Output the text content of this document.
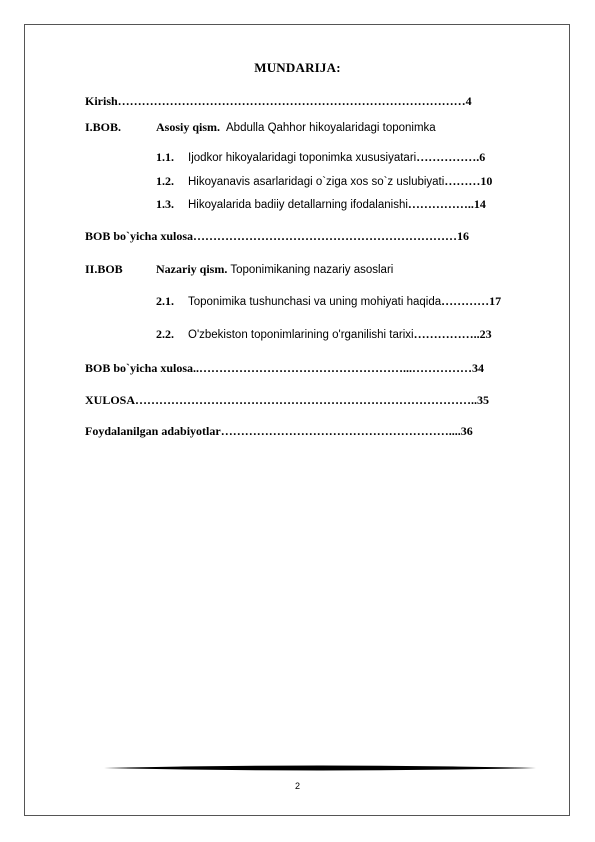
MUNDARIJA:
Kirish……………………………………………………………………………4
I.BOB.	Asosiy qism. Abdulla Qahhor hikoyalaridagi toponimka
1.1. Ijodkor hikoyalaridagi toponimka xususiyatari…………….6
1.2. Hikoyanavis asarlaridagi o`ziga xos so`z uslubiyati………10
1.3. Hikoyalarida badiiy detallarning ifodalanishi……………..14
BOB bo`yicha xulosa…………………………………………………………16
II.BOB	Nazariy qism. Toponimikaning nazariy asoslari
2.1. Toponimika tushunchasi va uning mohiyati haqida…………17
2.2. O'zbekiston toponimlarining o'rganilishi tarixi……………..23
BOB bo`yicha xulosa..……………………………………………...……………34
XULOSA…………………………………………………………………………..35
Foydalanilgan adabiyotlar…………………………………………………....36
2
